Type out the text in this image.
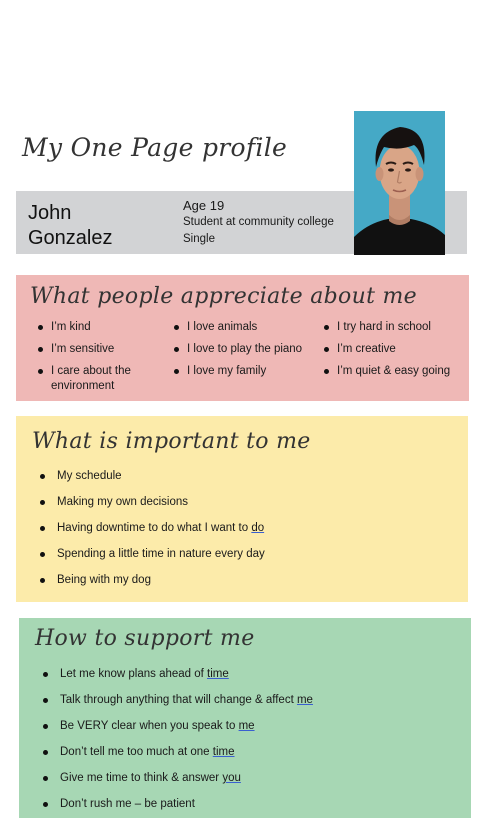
My One Page profile
John
Gonzalez
Age 19
Student at community college
Single
What people appreciate about me
I’m kind
I’m sensitive
I care about the environment
I love animals
I love to play the piano
I love my family
I try hard in school
I’m creative
I’m quiet & easy going
What is important to me
My schedule
Making my own decisions
Having downtime to do what I want to do
Spending a little time in nature every day
Being with my dog
How to support me
Let me know plans ahead of time
Talk through anything that will change & affect me
Be VERY clear when you speak to me
Don’t tell me too much at one time
Give me time to think & answer you
Don’t rush me – be patient
